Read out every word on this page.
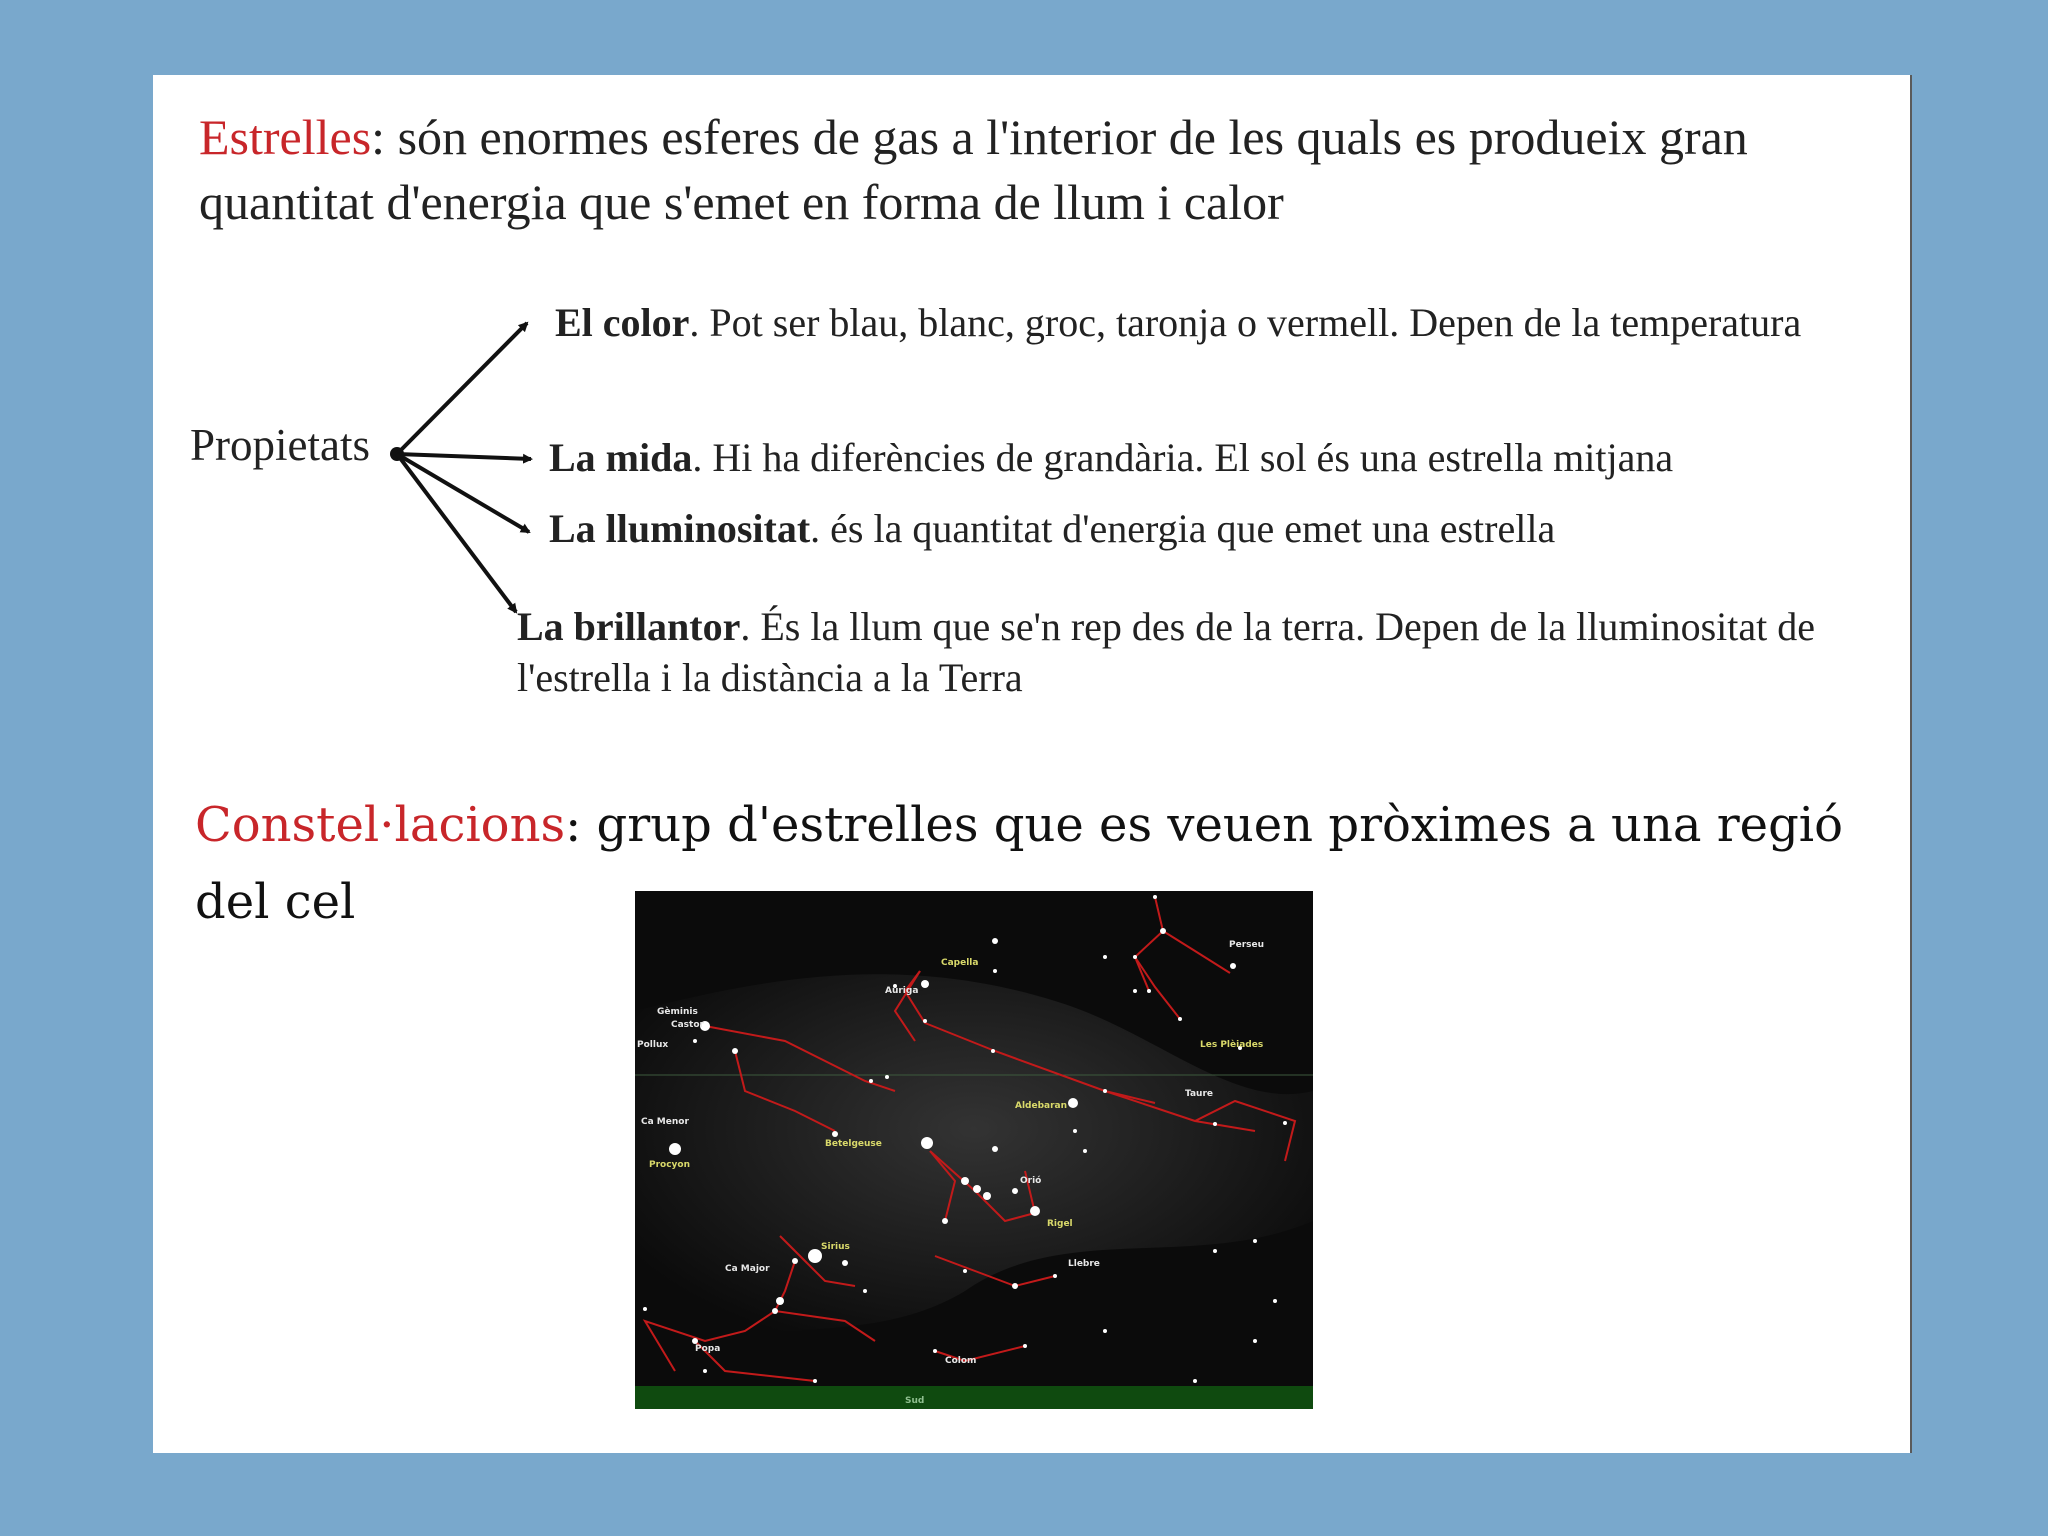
Estrelles: són enormes esferes de gas a l'interior de les quals es produeix gran quantitat d'energia que s'emet en forma de llum i calor
Propietats
El color. Pot ser blau, blanc, groc, taronja o vermell. Depen de la temperatura
La mida. Hi ha diferències de grandària. El sol és una estrella mitjana
La lluminositat. és la quantitat d'energia que emet una estrella
La brillantor. És la llum que se'n rep des de la terra. Depen de la lluminositat de l'estrella i la distància a la Terra
Constel·lacions: grup d'estrelles que es veuen pròximes a una regió del cel
Perseu
Capella
Auriga
Gèminis
Castor
Pollux	Les Plèiades
Taure
Aldebaran
Ca Menor
Procyon
Betelgeuse
Orió
Rigel
Sirius
Ca Major	Llebre
Popa
Colom
Sud
